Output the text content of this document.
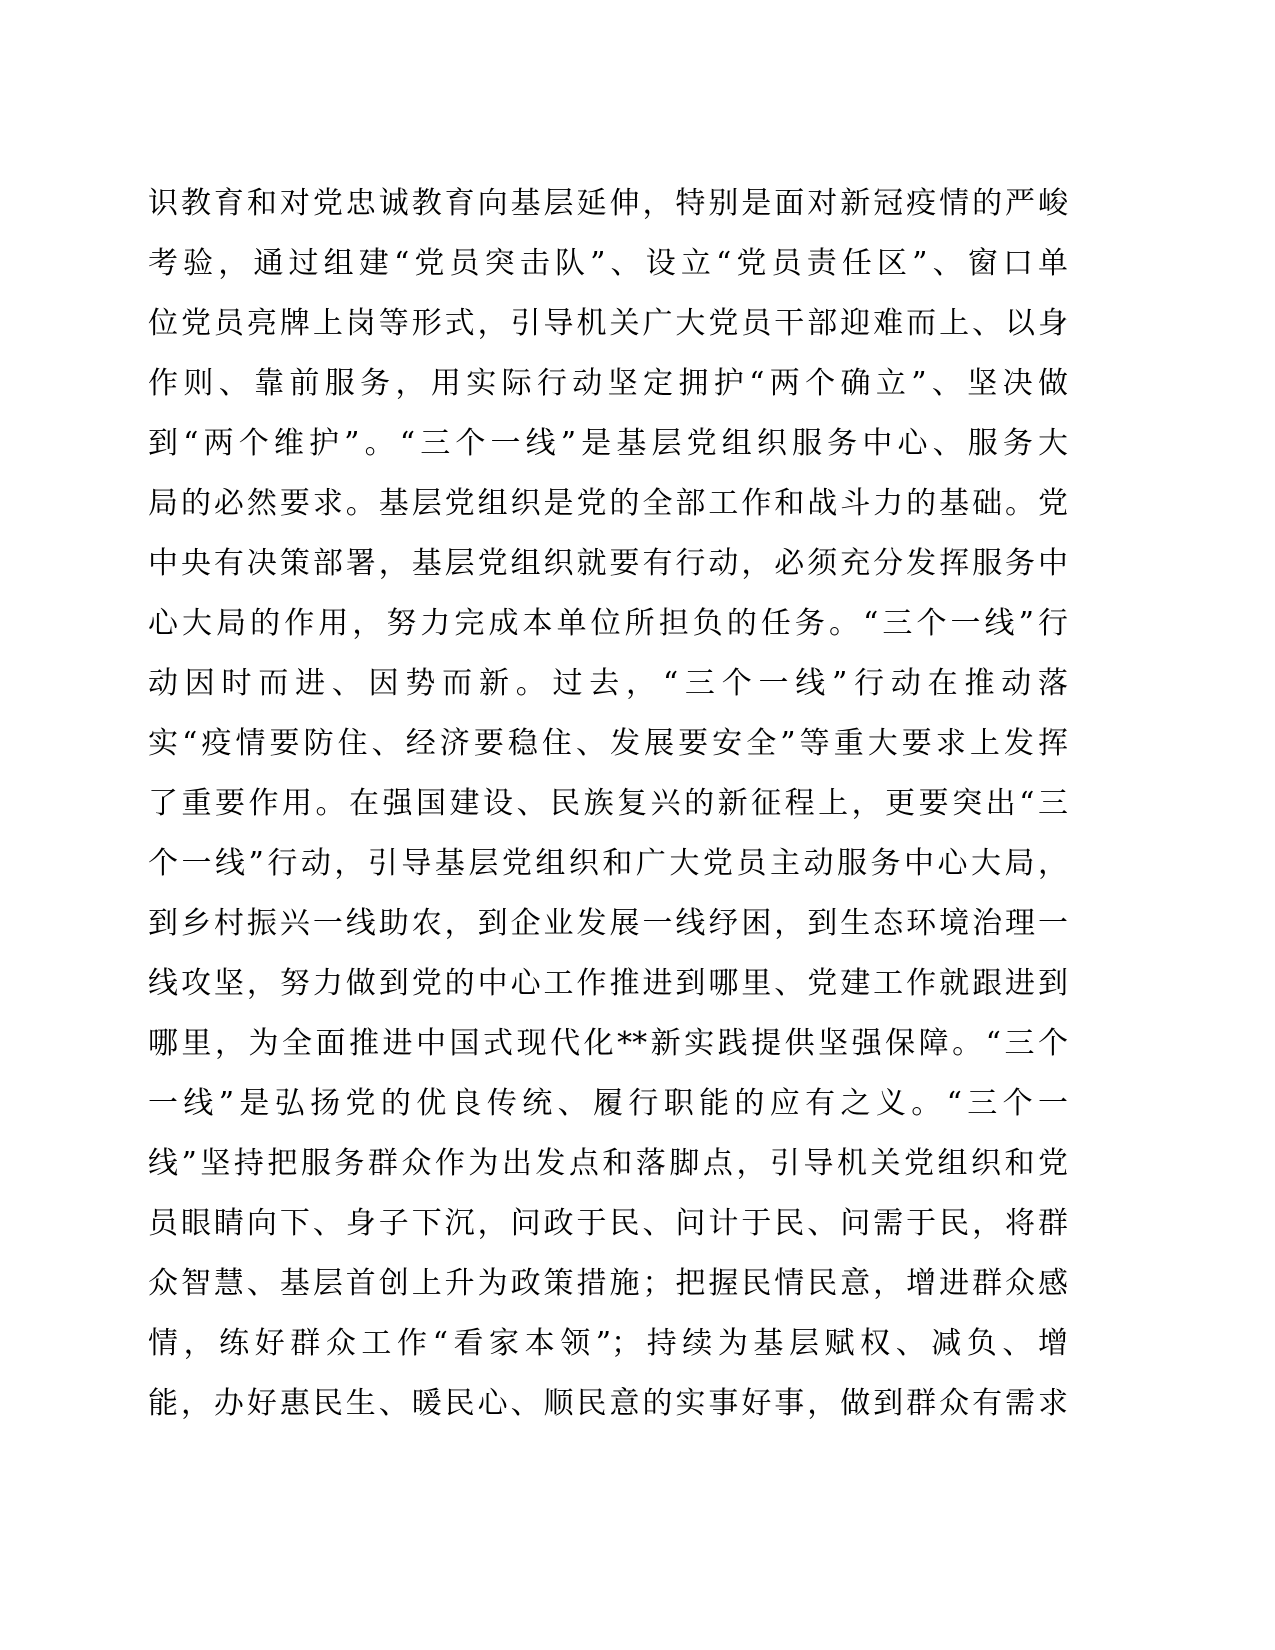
识教育和对党忠诚教育向基层延伸，特别是面对新冠疫情的严峻
考验，通过组建“党员突击队”、设立“党员责任区”、窗口单
位党员亮牌上岗等形式，引导机关广大党员干部迎难而上、以身
作则、靠前服务，用实际行动坚定拥护“两个确立”、坚决做
到“两个维护”。“三个一线”是基层党组织服务中心、服务大
局的必然要求。基层党组织是党的全部工作和战斗力的基础。党
中央有决策部署，基层党组织就要有行动，必须充分发挥服务中
心大局的作用，努力完成本单位所担负的任务。“三个一线”行
动因时而进、因势而新。过去，“三个一线”行动在推动落
实“疫情要防住、经济要稳住、发展要安全”等重大要求上发挥
了重要作用。在强国建设、民族复兴的新征程上，更要突出“三
个一线”行动，引导基层党组织和广大党员主动服务中心大局，
到乡村振兴一线助农，到企业发展一线纾困，到生态环境治理一
线攻坚，努力做到党的中心工作推进到哪里、党建工作就跟进到
哪里，为全面推进中国式现代化**新实践提供坚强保障。“三个
一线”是弘扬党的优良传统、履行职能的应有之义。“三个一
线”坚持把服务群众作为出发点和落脚点，引导机关党组织和党
员眼睛向下、身子下沉，问政于民、问计于民、问需于民，将群
众智慧、基层首创上升为政策措施；把握民情民意，增进群众感
情，练好群众工作“看家本领”；持续为基层赋权、减负、增
能，办好惠民生、暖民心、顺民意的实事好事，做到群众有需求
